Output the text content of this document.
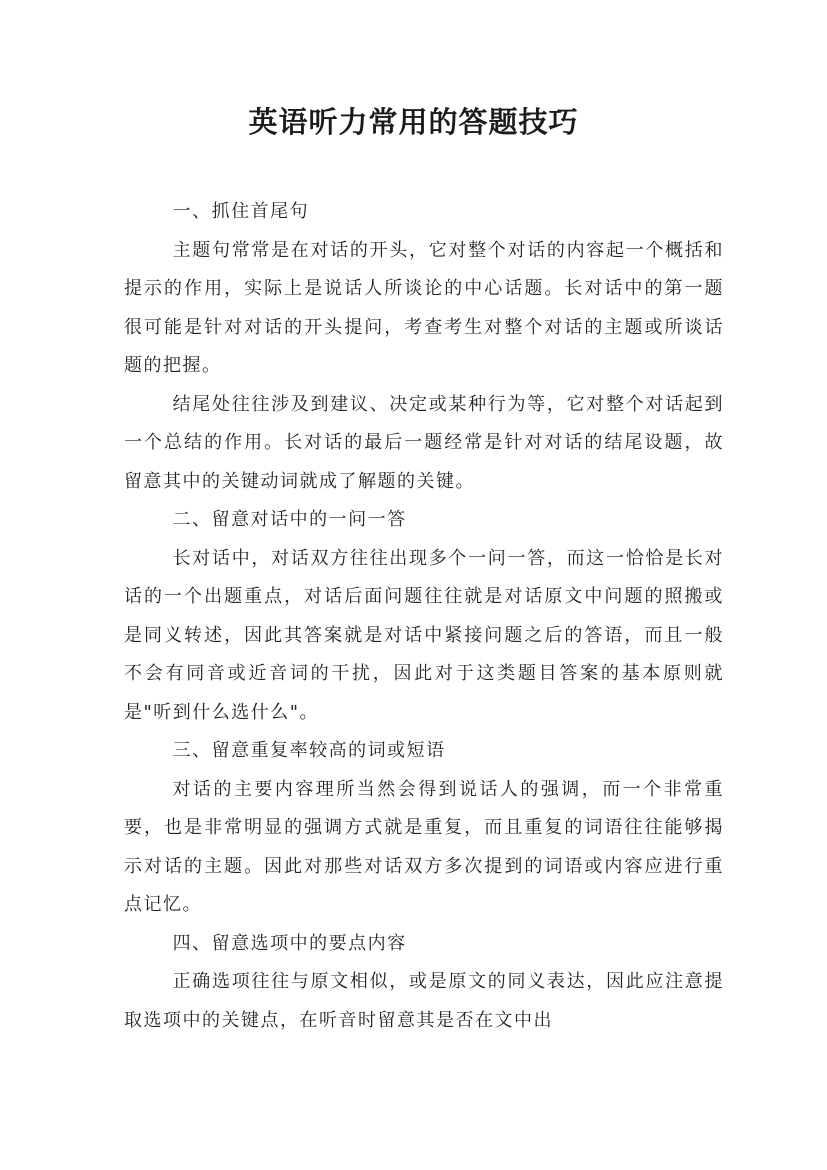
英语听力常用的答题技巧

一、抓住首尾句

主题句常常是在对话的开头，它对整个对话的内容起一个概括和提示的作用，实际上是说话人所谈论的中心话题。长对话中的第一题很可能是针对对话的开头提问，考查考生对整个对话的主题或所谈话题的把握。

结尾处往往涉及到建议、决定或某种行为等，它对整个对话起到一个总结的作用。长对话的最后一题经常是针对对话的结尾设题，故留意其中的关键动词就成了解题的关键。

二、留意对话中的一问一答

长对话中，对话双方往往出现多个一问一答，而这一恰恰是长对话的一个出题重点，对话后面问题往往就是对话原文中问题的照搬或是同义转述，因此其答案就是对话中紧接问题之后的答语，而且一般不会有同音或近音词的干扰，因此对于这类题目答案的基本原则就是"听到什么选什么"。

三、留意重复率较高的词或短语

对话的主要内容理所当然会得到说话人的强调，而一个非常重要，也是非常明显的强调方式就是重复，而且重复的词语往往能够揭示对话的主题。因此对那些对话双方多次提到的词语或内容应进行重点记忆。

四、留意选项中的要点内容

正确选项往往与原文相似，或是原文的同义表达，因此应注意提取选项中的关键点，在听音时留意其是否在文中出
